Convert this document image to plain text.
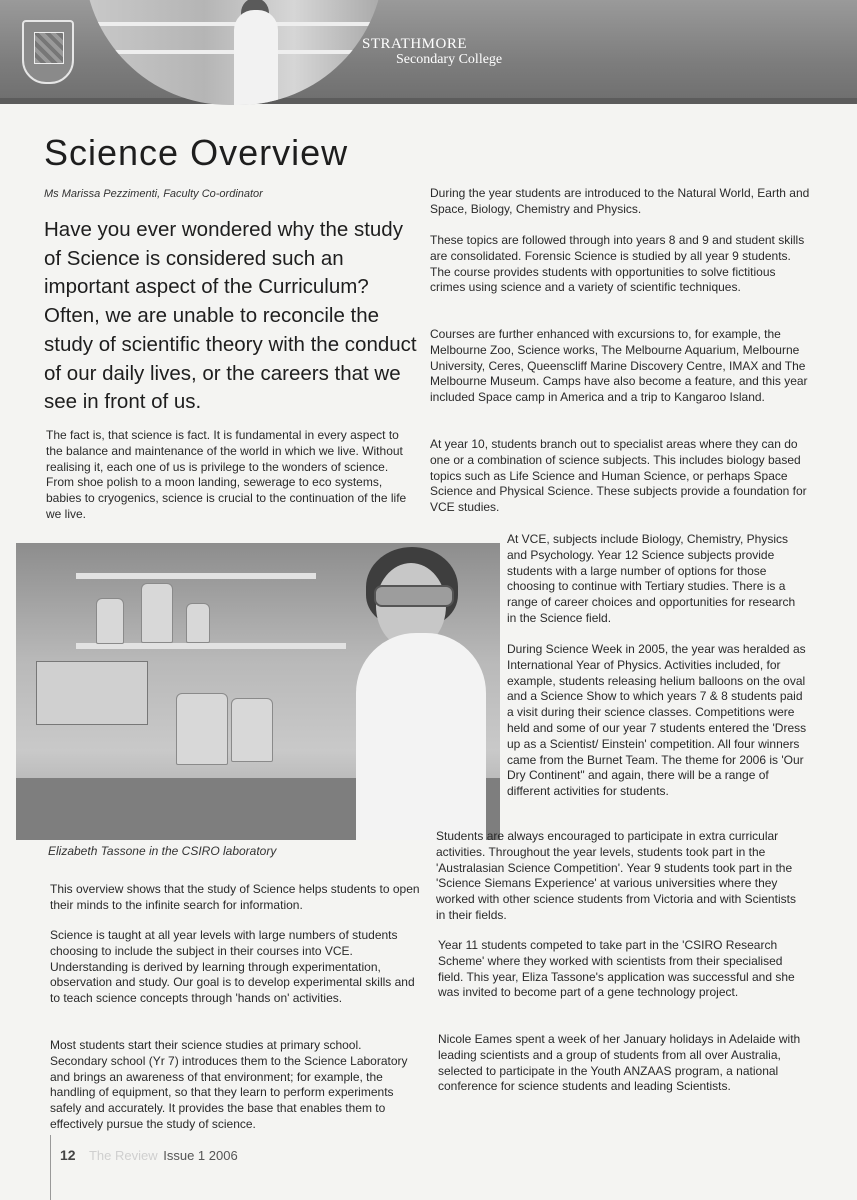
STRATHMORE
Secondary College
Science Overview
Ms Marissa Pezzimenti, Faculty Co-ordinator
Have you ever wondered why the study of Science is considered such an important aspect of the Curriculum? Often, we are unable to reconcile the study of scientific theory with the conduct of our daily lives, or the careers that we see in front of us.

The fact is, that science is fact. It is fundamental in every aspect to the balance and maintenance of the world in which we live. Without realising it, each one of us is privilege to the wonders of science. From shoe polish to a moon landing, sewerage to eco systems, babies to cryogenics, science is crucial to the continuation of the life we live.

Elizabeth Tassone in the CSIRO laboratory

This overview shows that the study of Science helps students to open their minds to the infinite search for information.

Science is taught at all year levels with large numbers of students choosing to include the subject in their courses into VCE. Understanding is derived by learning through experimentation, observation and study. Our goal is to develop experimental skills and to teach science concepts through 'hands on' activities.

Most students start their science studies at primary school. Secondary school (Yr 7) introduces them to the Science Laboratory and brings an awareness of that environment; for example, the handling of equipment, so that they learn to perform experiments safely and accurately. It provides the base that enables them to effectively pursue the study of science.

During the year students are introduced to the Natural World, Earth and Space, Biology, Chemistry and Physics.

These topics are followed through into years 8 and 9 and student skills are consolidated. Forensic Science is studied by all year 9 students. The course provides students with opportunities to solve fictitious crimes using science and a variety of scientific techniques.

Courses are further enhanced with excursions to, for example, the Melbourne Zoo, Science works, The Melbourne Aquarium, Melbourne University, Ceres, Queenscliff Marine Discovery Centre, IMAX and The Melbourne Museum. Camps have also become a feature, and this year included Space camp in America and a trip to Kangaroo Island.

At year 10, students branch out to specialist areas where they can do one or a combination of science subjects. This includes biology based topics such as Life Science and Human Science, or perhaps Space Science and Physical Science. These subjects provide a foundation for VCE studies.

At VCE, subjects include Biology, Chemistry, Physics and Psychology. Year 12 Science subjects provide students with a large number of options for those choosing to continue with Tertiary studies. There is a range of career choices and opportunities for research in the Science field.

During Science Week in 2005, the year was heralded as International Year of Physics. Activities included, for example, students releasing helium balloons on the oval and a Science Show to which years 7 & 8 students paid a visit during their science classes. Competitions were held and some of our year 7 students entered the 'Dress up as a Scientist/ Einstein' competition. All four winners came from the Burnet Team. The theme for 2006 is 'Our Dry Continent" and again, there will be a range of different activities for students.

Students are always encouraged to participate in extra curricular activities. Throughout the year levels, students took part in the 'Australasian Science Competition'. Year 9 students took part in the 'Science Siemans Experience' at various universities where they worked with other science students from Victoria and with Scientists in their fields.

Year 11 students competed to take part in the 'CSIRO Research Scheme' where they worked with scientists from their specialised field. This year, Eliza Tassone's application was successful and she was invited to become part of a gene technology project.

Nicole Eames spent a week of her January holidays in Adelaide with leading scientists and a group of students from all over Australia, selected to participate in the Youth ANZAAS program, a national conference for science students and leading Scientists.

12 The Review Issue 1 2006
